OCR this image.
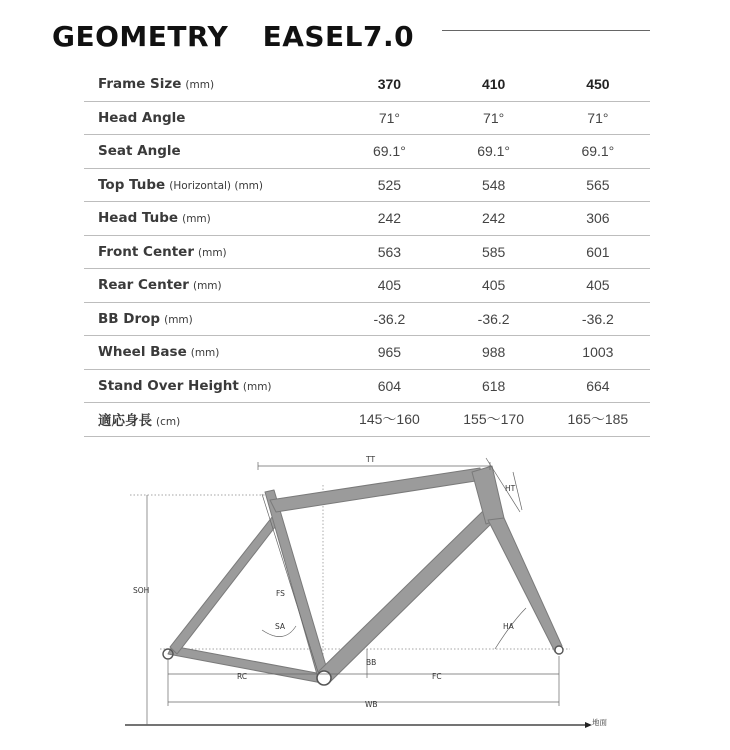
GEOMETRY EASEL7.0
Frame Size (mm)	370	410	450
Head Angle	71°	71°	71°
Seat Angle	69.1°	69.1°	69.1°
Top Tube (Horizontal) (mm)	525	548	565
Head Tube (mm)	242	242	306
Front Center (mm)	563	585	601
Rear Center (mm)	405	405	405
BB Drop (mm)	-36.2	-36.2	-36.2
Wheel Base (mm)	965	988	1003
Stand Over Height (mm)	604	618	664
適応身長 (cm)	145〜160	155〜170	165〜185
地面
TT
HT
SOH	FS
SA	HA
BB
RC	FC
WB
